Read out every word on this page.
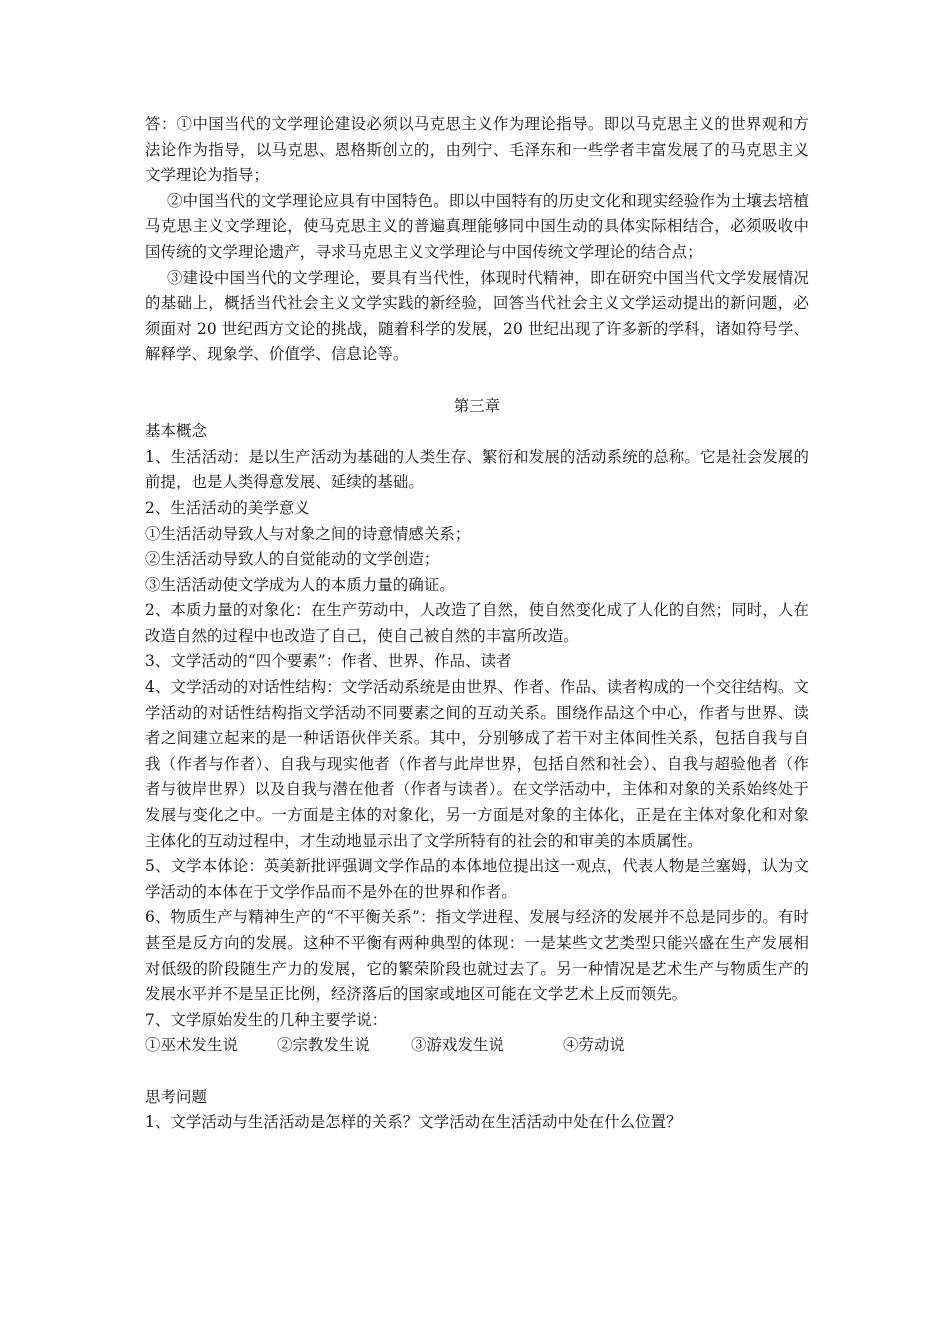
答：①中国当代的文学理论建设必须以马克思主义作为理论指导。即以马克思主义的世界观和方法论作为指导，以马克思、恩格斯创立的，由列宁、毛泽东和一些学者丰富发展了的马克思主义文学理论为指导；

②中国当代的文学理论应具有中国特色。即以中国特有的历史文化和现实经验作为土壤去培植马克思主义文学理论，使马克思主义的普遍真理能够同中国生动的具体实际相结合，必须吸收中国传统的文学理论遗产，寻求马克思主义文学理论与中国传统文学理论的结合点；

③建设中国当代的文学理论，要具有当代性，体现时代精神，即在研究中国当代文学发展情况的基础上，概括当代社会主义文学实践的新经验，回答当代社会主义文学运动提出的新问题，必须面对 20 世纪西方文论的挑战，随着科学的发展，20 世纪出现了许多新的学科，诸如符号学、解释学、现象学、价值学、信息论等。

第三章

基本概念

1、生活活动：是以生产活动为基础的人类生存、繁衍和发展的活动系统的总称。它是社会发展的前提，也是人类得意发展、延续的基础。

2、生活活动的美学意义

①生活活动导致人与对象之间的诗意情感关系；

②生活活动导致人的自觉能动的文学创造；

③生活活动使文学成为人的本质力量的确证。

2、本质力量的对象化：在生产劳动中，人改造了自然，使自然变化成了人化的自然；同时，人在改造自然的过程中也改造了自己，使自己被自然的丰富所改造。

3、文学活动的“四个要素”：作者、世界、作品、读者

4、文学活动的对话性结构：文学活动系统是由世界、作者、作品、读者构成的一个交往结构。文学活动的对话性结构指文学活动不同要素之间的互动关系。围绕作品这个中心，作者与世界、读者之间建立起来的是一种话语伙伴关系。其中，分别够成了若干对主体间性关系，包括自我与自我（作者与作者）、自我与现实他者（作者与此岸世界，包括自然和社会）、自我与超验他者（作者与彼岸世界）以及自我与潜在他者（作者与读者）。在文学活动中，主体和对象的关系始终处于发展与变化之中。一方面是主体的对象化，另一方面是对象的主体化，正是在主体对象化和对象主体化的互动过程中，才生动地显示出了文学所特有的社会的和审美的本质属性。

5、文学本体论：英美新批评强调文学作品的本体地位提出这一观点，代表人物是兰塞姆，认为文学活动的本体在于文学作品而不是外在的世界和作者。

6、物质生产与精神生产的“不平衡关系”：指文学进程、发展与经济的发展并不总是同步的。有时甚至是反方向的发展。这种不平衡有两种典型的体现：一是某些文艺类型只能兴盛在生产发展相对低级的阶段随生产力的发展，它的繁荣阶段也就过去了。另一种情况是艺术生产与物质生产的发展水平并不是呈正比例，经济落后的国家或地区可能在文学艺术上反而领先。

7、文学原始发生的几种主要学说：

①巫术发生说	②宗教发生说	③游戏发生说	④劳动说

思考问题

1、文学活动与生活活动是怎样的关系？文学活动在生活活动中处在什么位置？
